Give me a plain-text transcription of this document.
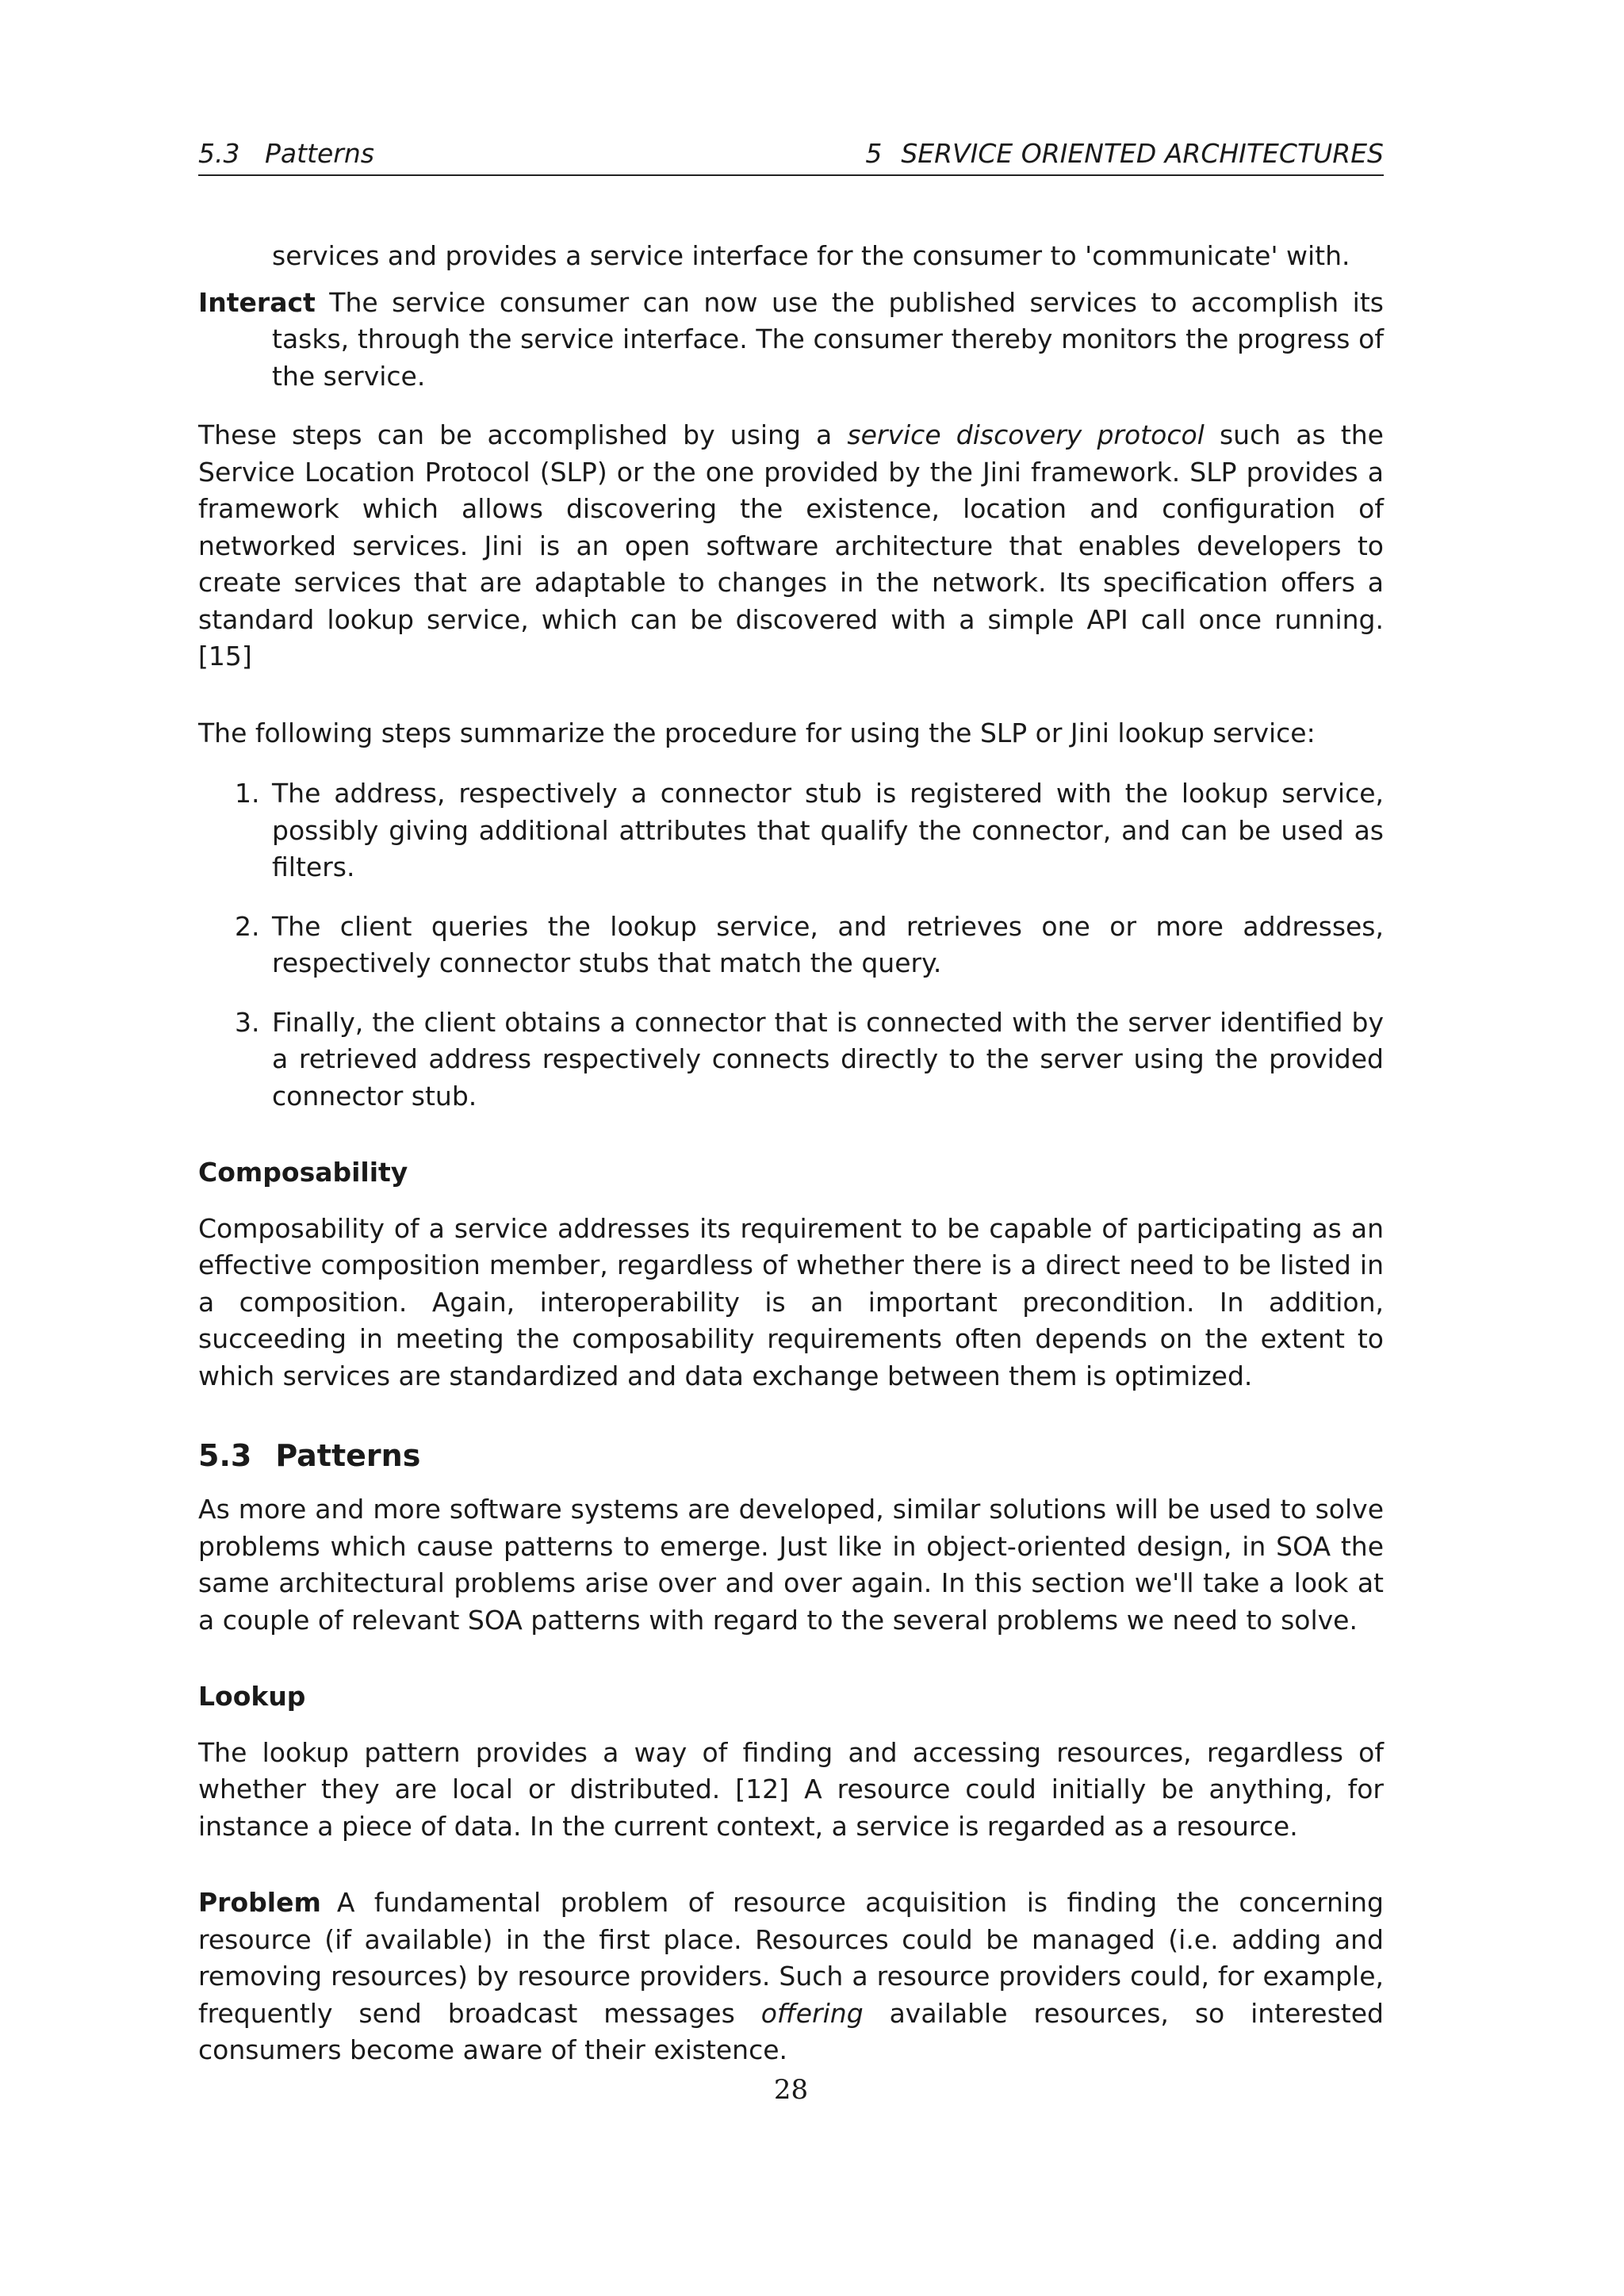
5.3   Patterns	5 SERVICE ORIENTED ARCHITECTURES

services and provides a service interface for the consumer to 'communicate' with.

Interact The service consumer can now use the published services to accomplish its tasks, through the service interface. The consumer thereby monitors the progress of the service.

These steps can be accomplished by using a service discovery protocol such as the Service Location Protocol (SLP) or the one provided by the Jini framework. SLP provides a framework which allows discovering the existence, location and configuration of networked services. Jini is an open software architecture that enables developers to create services that are adaptable to changes in the network. Its specification offers a standard lookup service, which can be discovered with a simple API call once running. [15]

The following steps summarize the procedure for using the SLP or Jini lookup service:

1. The address, respectively a connector stub is registered with the lookup service, possibly giving additional attributes that qualify the connector, and can be used as filters.
2. The client queries the lookup service, and retrieves one or more addresses, respectively connector stubs that match the query.
3. Finally, the client obtains a connector that is connected with the server identified by a retrieved address respectively connects directly to the server using the provided connector stub.
Composability

Composability of a service addresses its requirement to be capable of participating as an effective composition member, regardless of whether there is a direct need to be listed in a composition. Again, interoperability is an important precondition. In addition, succeeding in meeting the composability requirements often depends on the extent to which services are standardized and data exchange between them is optimized.

5.3 Patterns

As more and more software systems are developed, similar solutions will be used to solve problems which cause patterns to emerge. Just like in object-oriented design, in SOA the same architectural problems arise over and over again. In this section we'll take a look at a couple of relevant SOA patterns with regard to the several problems we need to solve.

Lookup

The lookup pattern provides a way of finding and accessing resources, regardless of whether they are local or distributed. [12] A resource could initially be anything, for instance a piece of data. In the current context, a service is regarded as a resource.

Problem A fundamental problem of resource acquisition is finding the concerning resource (if available) in the first place. Resources could be managed (i.e. adding and removing resources) by resource providers. Such a resource providers could, for example, frequently send broadcast messages offering available resources, so interested consumers become aware of their existence.

28
